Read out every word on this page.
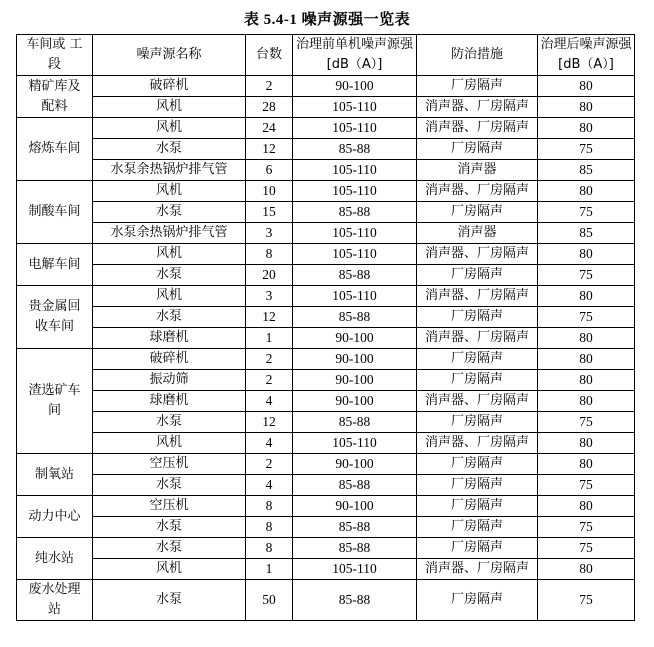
表 5.4-1 噪声源强一览表
车间或 工段	噪声源名称	台数	治理前单机噪声源强[dB（A）]	防治措施	治理后噪声源强[dB（A）]
精矿库及配料	破碎机	2	90-100	厂房隔声	80
	风机	28	105-110	消声器、厂房隔声	80
熔炼车间	风机	24	105-110	消声器、厂房隔声	80
	水泵	12	85-88	厂房隔声	75
	水泵余热锅炉排气管	6	105-110	消声器	85
制酸车间	风机	10	105-110	消声器、厂房隔声	80
	水泵	15	85-88	厂房隔声	75
	水泵余热锅炉排气管	3	105-110	消声器	85
电解车间	风机	8	105-110	消声器、厂房隔声	80
	水泵	20	85-88	厂房隔声	75
贵金属回收车间	风机	3	105-110	消声器、厂房隔声	80
	水泵	12	85-88	厂房隔声	75
	球磨机	1	90-100	消声器、厂房隔声	80
渣选矿车间	破碎机	2	90-100	厂房隔声	80
	振动筛	2	90-100	厂房隔声	80
	球磨机	4	90-100	消声器、厂房隔声	80
	水泵	12	85-88	厂房隔声	75
	风机	4	105-110	消声器、厂房隔声	80
制氧站	空压机	2	90-100	厂房隔声	80
	水泵	4	85-88	厂房隔声	75
动力中心	空压机	8	90-100	厂房隔声	80
	水泵	8	85-88	厂房隔声	75
纯水站	水泵	8	85-88	厂房隔声	75
	风机	1	105-110	消声器、厂房隔声	80
废水处理站	水泵	50	85-88	厂房隔声	75
